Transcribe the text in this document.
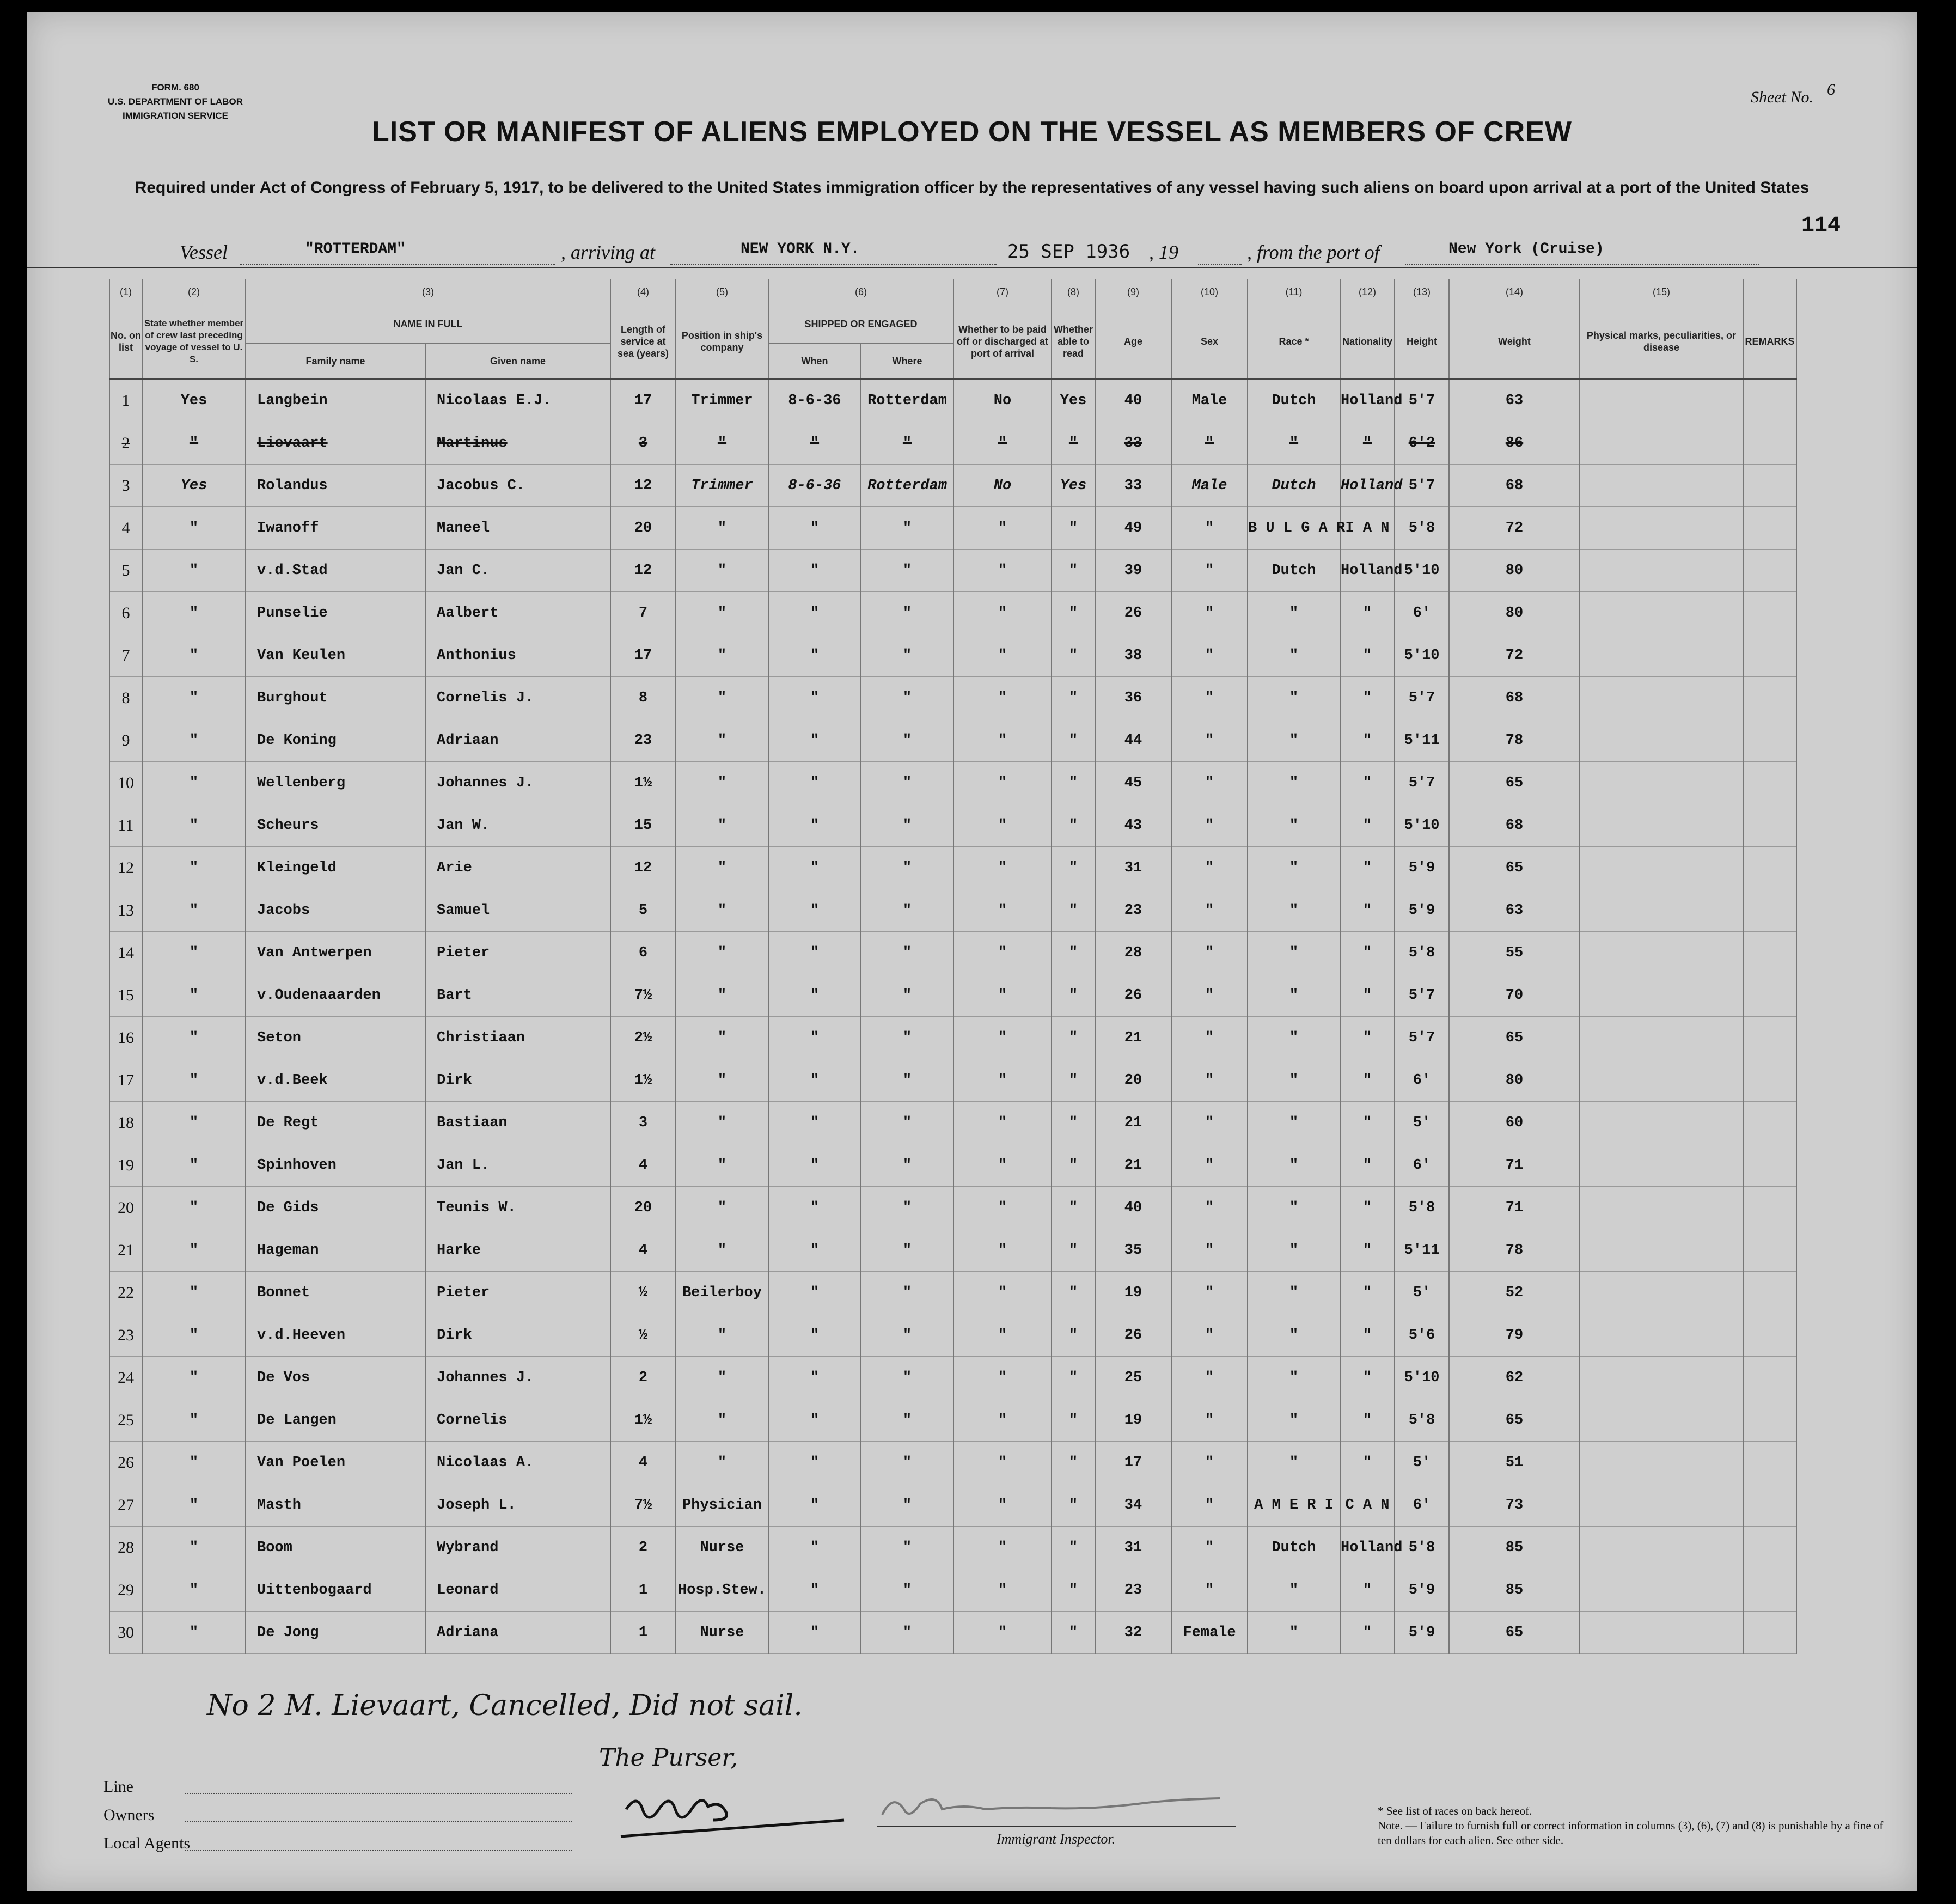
FORM. 680
U.S. DEPARTMENT OF LABOR
IMMIGRATION SERVICE
Sheet No. 6
LIST OR MANIFEST OF ALIENS EMPLOYED ON THE VESSEL AS MEMBERS OF CREW
Required under Act of Congress of February 5, 1917, to be delivered to the United States immigration officer by the representatives of any vessel having such aliens on board upon arrival at a port of the United States
114
Vessel	"ROTTERDAM"	, arriving at	NEW YORK N.Y.	25 SEP 1936 , 19	, from the port of	New York (Cruise)
(1)	(2)	(3)		(4)	(5)	(6)		(7)	(8)	(9)	(10)	(11)	(12)	(13)	(14)	(15)	
No. on list	State whether member of crew last preceding voyage of vessel to U. S.	NAME IN FULL		Length of service at sea (years)	Position in ship's company	SHIPPED OR ENGAGED		Whether to be paid off or discharged at port of arrival	Whether able to read	Age	Sex	Race *	Nationality	Height	Weight	Physical marks, peculiarities, or disease	REMARKS
		Family name	Given name			When	Where										
1	Yes	Langbein	Nicolaas E.J.	17	Trimmer	8-6-36	Rotterdam	No	Yes	40	Male	Dutch	Holland	5'7	63		
2	"	Lievaart	Martinus	3	"	"	"	"	"	33	"	"	"	6'2	86		
3	Yes	Rolandus	Jacobus C.	12	Trimmer	8-6-36	Rotterdam	No	Yes	33	Male	Dutch	Holland	5'7	68		
4	"	Iwanoff	Maneel	20	"	"	"	"	"	49	"	B U L G A R	I A N	5'8	72		
5	"	v.d.Stad	Jan C.	12	"	"	"	"	"	39	"	Dutch	Holland	5'10	80		
6	"	Punselie	Aalbert	7	"	"	"	"	"	26	"	"	"	6'	80		
7	"	Van Keulen	Anthonius	17	"	"	"	"	"	38	"	"	"	5'10	72		
8	"	Burghout	Cornelis J.	8	"	"	"	"	"	36	"	"	"	5'7	68		
9	"	De Koning	Adriaan	23	"	"	"	"	"	44	"	"	"	5'11	78		
10	"	Wellenberg	Johannes J.	1½	"	"	"	"	"	45	"	"	"	5'7	65		
11	"	Scheurs	Jan W.	15	"	"	"	"	"	43	"	"	"	5'10	68		
12	"	Kleingeld	Arie	12	"	"	"	"	"	31	"	"	"	5'9	65		
13	"	Jacobs	Samuel	5	"	"	"	"	"	23	"	"	"	5'9	63		
14	"	Van Antwerpen	Pieter	6	"	"	"	"	"	28	"	"	"	5'8	55		
15	"	v.Oudenaaarden	Bart	7½	"	"	"	"	"	26	"	"	"	5'7	70		
16	"	Seton	Christiaan	2½	"	"	"	"	"	21	"	"	"	5'7	65		
17	"	v.d.Beek	Dirk	1½	"	"	"	"	"	20	"	"	"	6'	80		
18	"	De Regt	Bastiaan	3	"	"	"	"	"	21	"	"	"	5'	60		
19	"	Spinhoven	Jan L.	4	"	"	"	"	"	21	"	"	"	6'	71		
20	"	De Gids	Teunis W.	20	"	"	"	"	"	40	"	"	"	5'8	71		
21	"	Hageman	Harke	4	"	"	"	"	"	35	"	"	"	5'11	78		
22	"	Bonnet	Pieter	½	Beilerboy	"	"	"	"	19	"	"	"	5'	52		
23	"	v.d.Heeven	Dirk	½	"	"	"	"	"	26	"	"	"	5'6	79		
24	"	De Vos	Johannes J.	2	"	"	"	"	"	25	"	"	"	5'10	62		
25	"	De Langen	Cornelis	1½	"	"	"	"	"	19	"	"	"	5'8	65		
26	"	Van Poelen	Nicolaas A.	4	"	"	"	"	"	17	"	"	"	5'	51		
27	"	Masth	Joseph L.	7½	Physician	"	"	"	"	34	"	A M E R I	C A N	6'	73		
28	"	Boom	Wybrand	2	Nurse	"	"	"	"	31	"	Dutch	Holland	5'8	85		
29	"	Uittenbogaard	Leonard	1	Hosp.Stew.	"	"	"	"	23	"	"	"	5'9	85		
30	"	De Jong	Adriana	1	Nurse	"	"	"	"	32	Female	"	"	5'9	65		
No 2 M. Lievaart, Cancelled, Did not sail.
The Purser,
Immigrant Inspector.
Line
Owners
Local Agents
* See list of races on back hereof.
Note. — Failure to furnish full or correct information in columns (3), (6), (7) and (8) is punishable by a fine of ten dollars for each alien. See other side.
